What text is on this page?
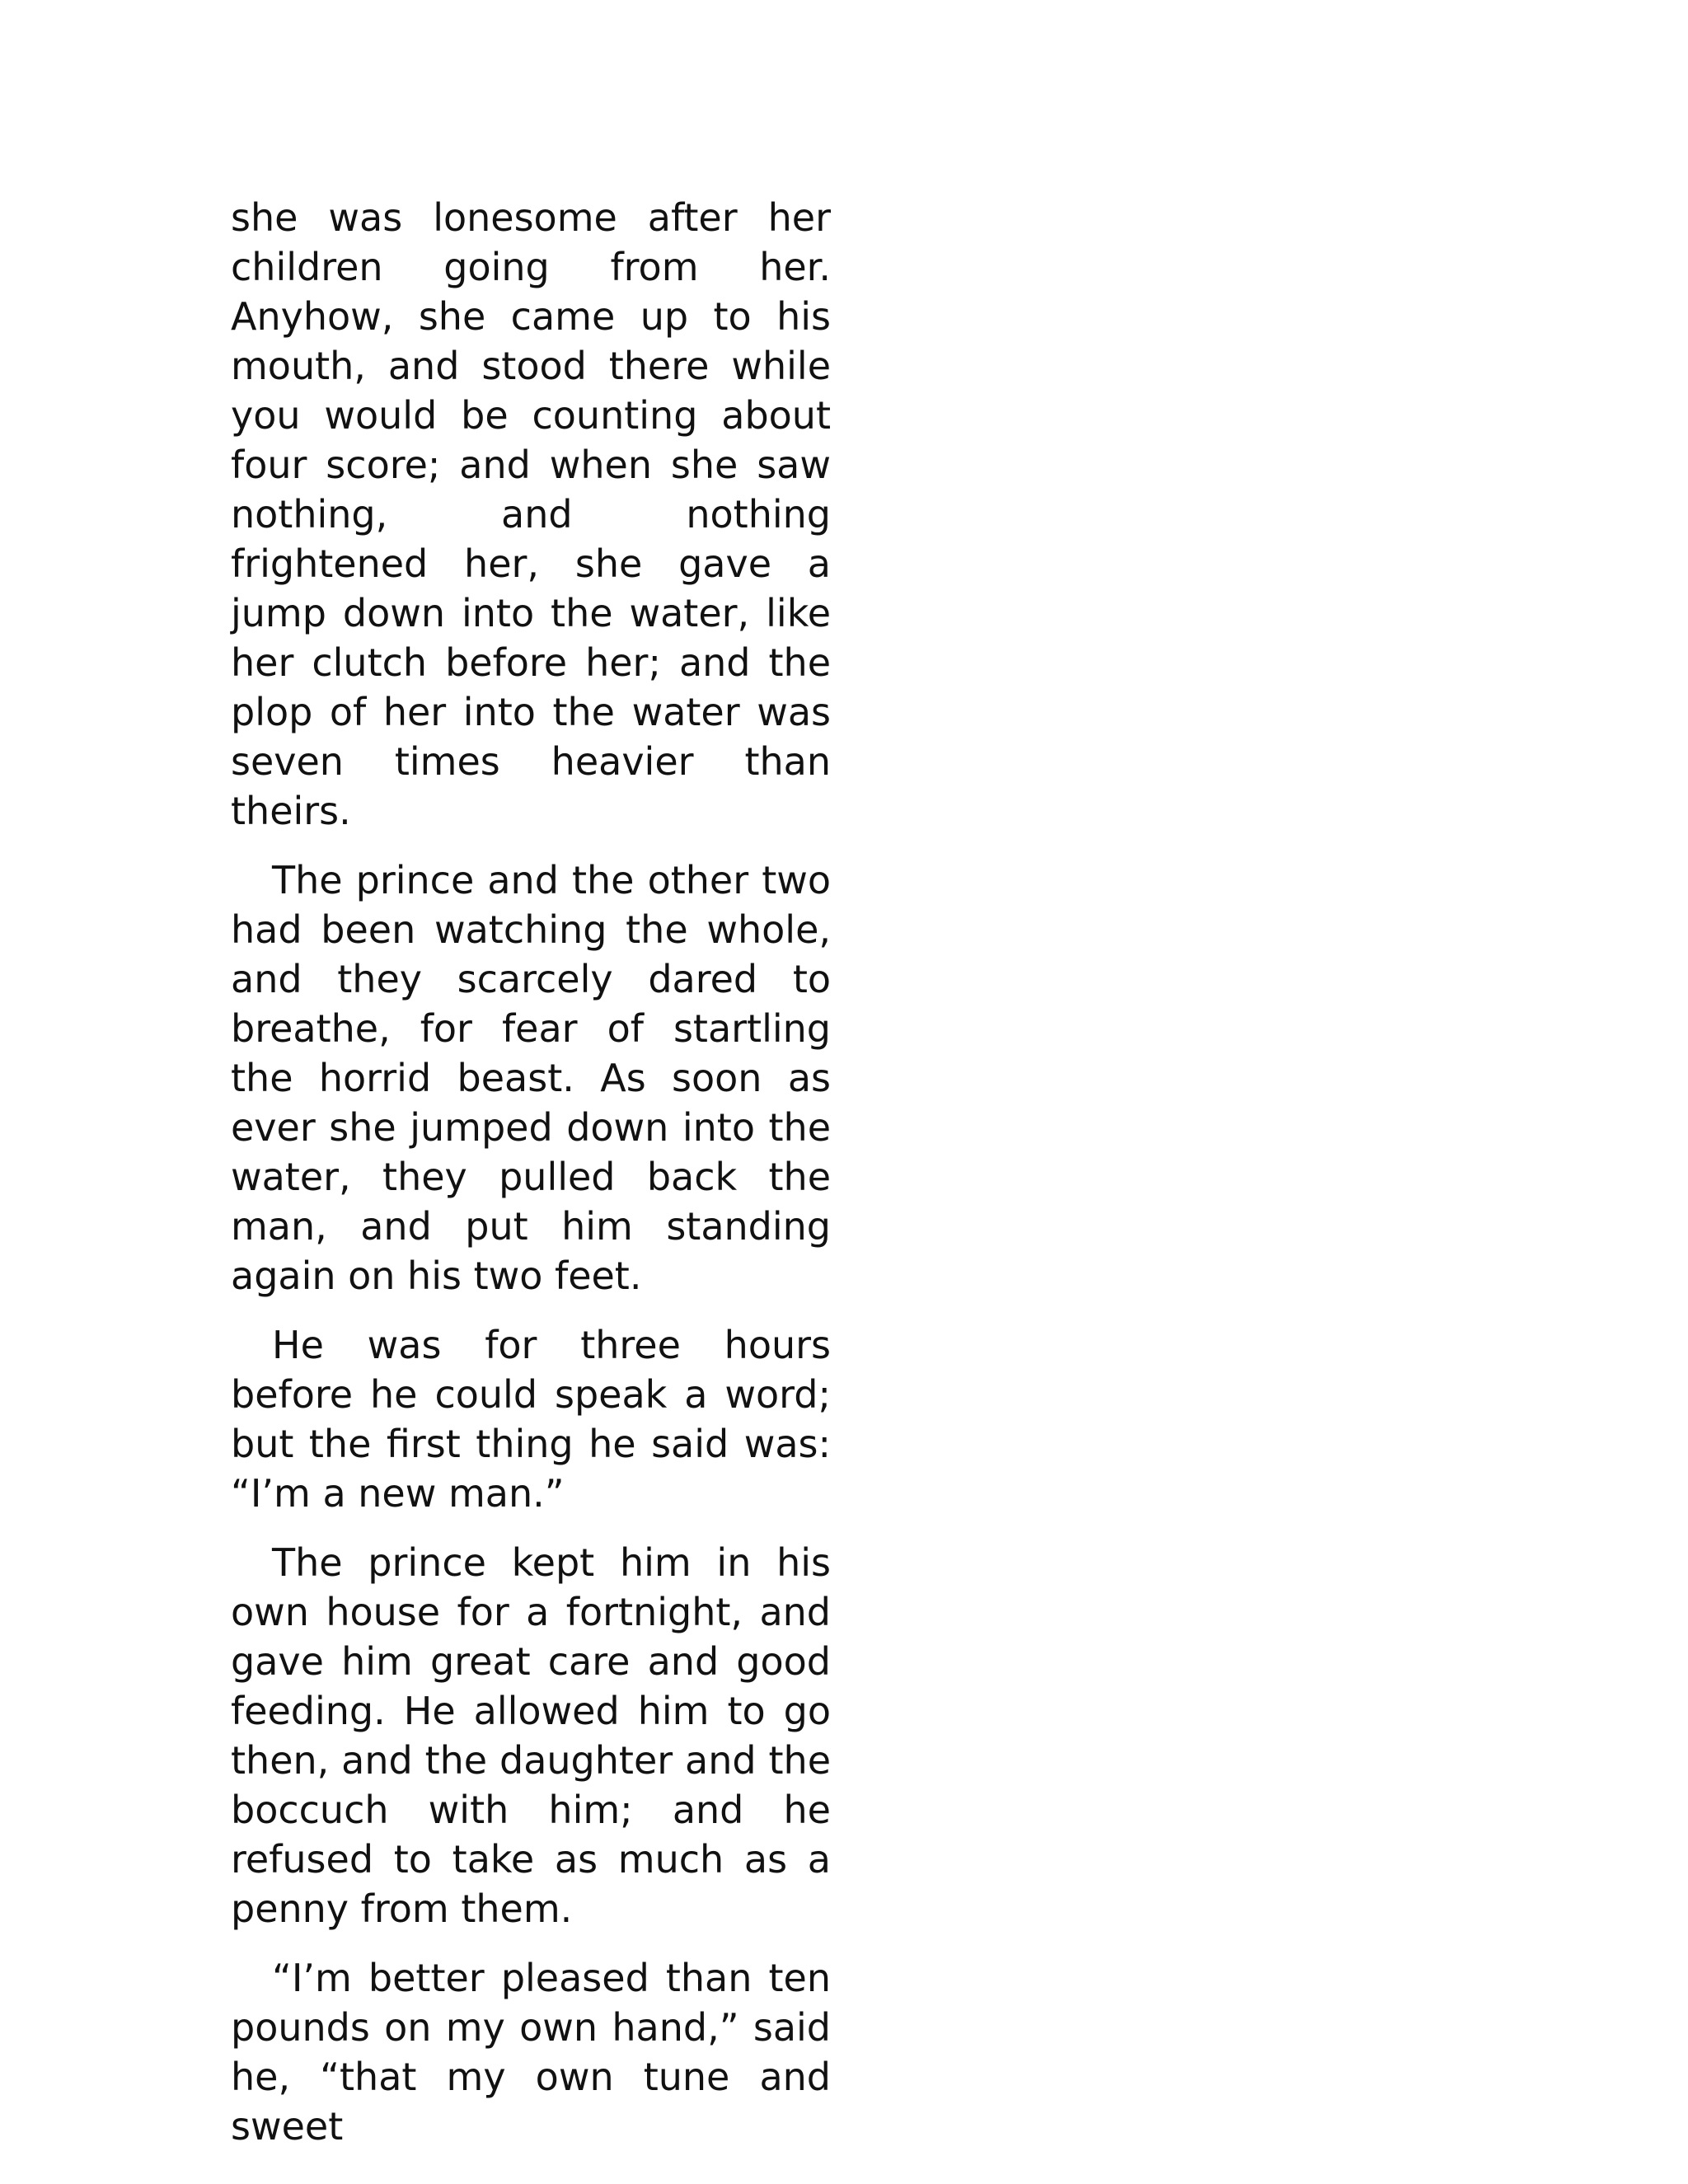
she was lonesome after her children going from her. Anyhow, she came up to his mouth, and stood there while you would be counting about four score; and when she saw nothing, and nothing frightened her, she gave a jump down into the water, like her clutch before her; and the plop of her into the water was seven times heavier than theirs.

The prince and the other two had been watching the whole, and they scarcely dared to breathe, for fear of startling the horrid beast. As soon as ever she jumped down into the water, they pulled back the man, and put him standing again on his two feet.

He was for three hours before he could speak a word; but the first thing he said was: “I’m a new man.”

The prince kept him in his own house for a fortnight, and gave him great care and good feeding. He allowed him to go then, and the daughter and the boccuch with him; and he refused to take as much as a penny from them.

“I’m better pleased than ten pounds on my own hand,” said he, “that my own tune and sweet
